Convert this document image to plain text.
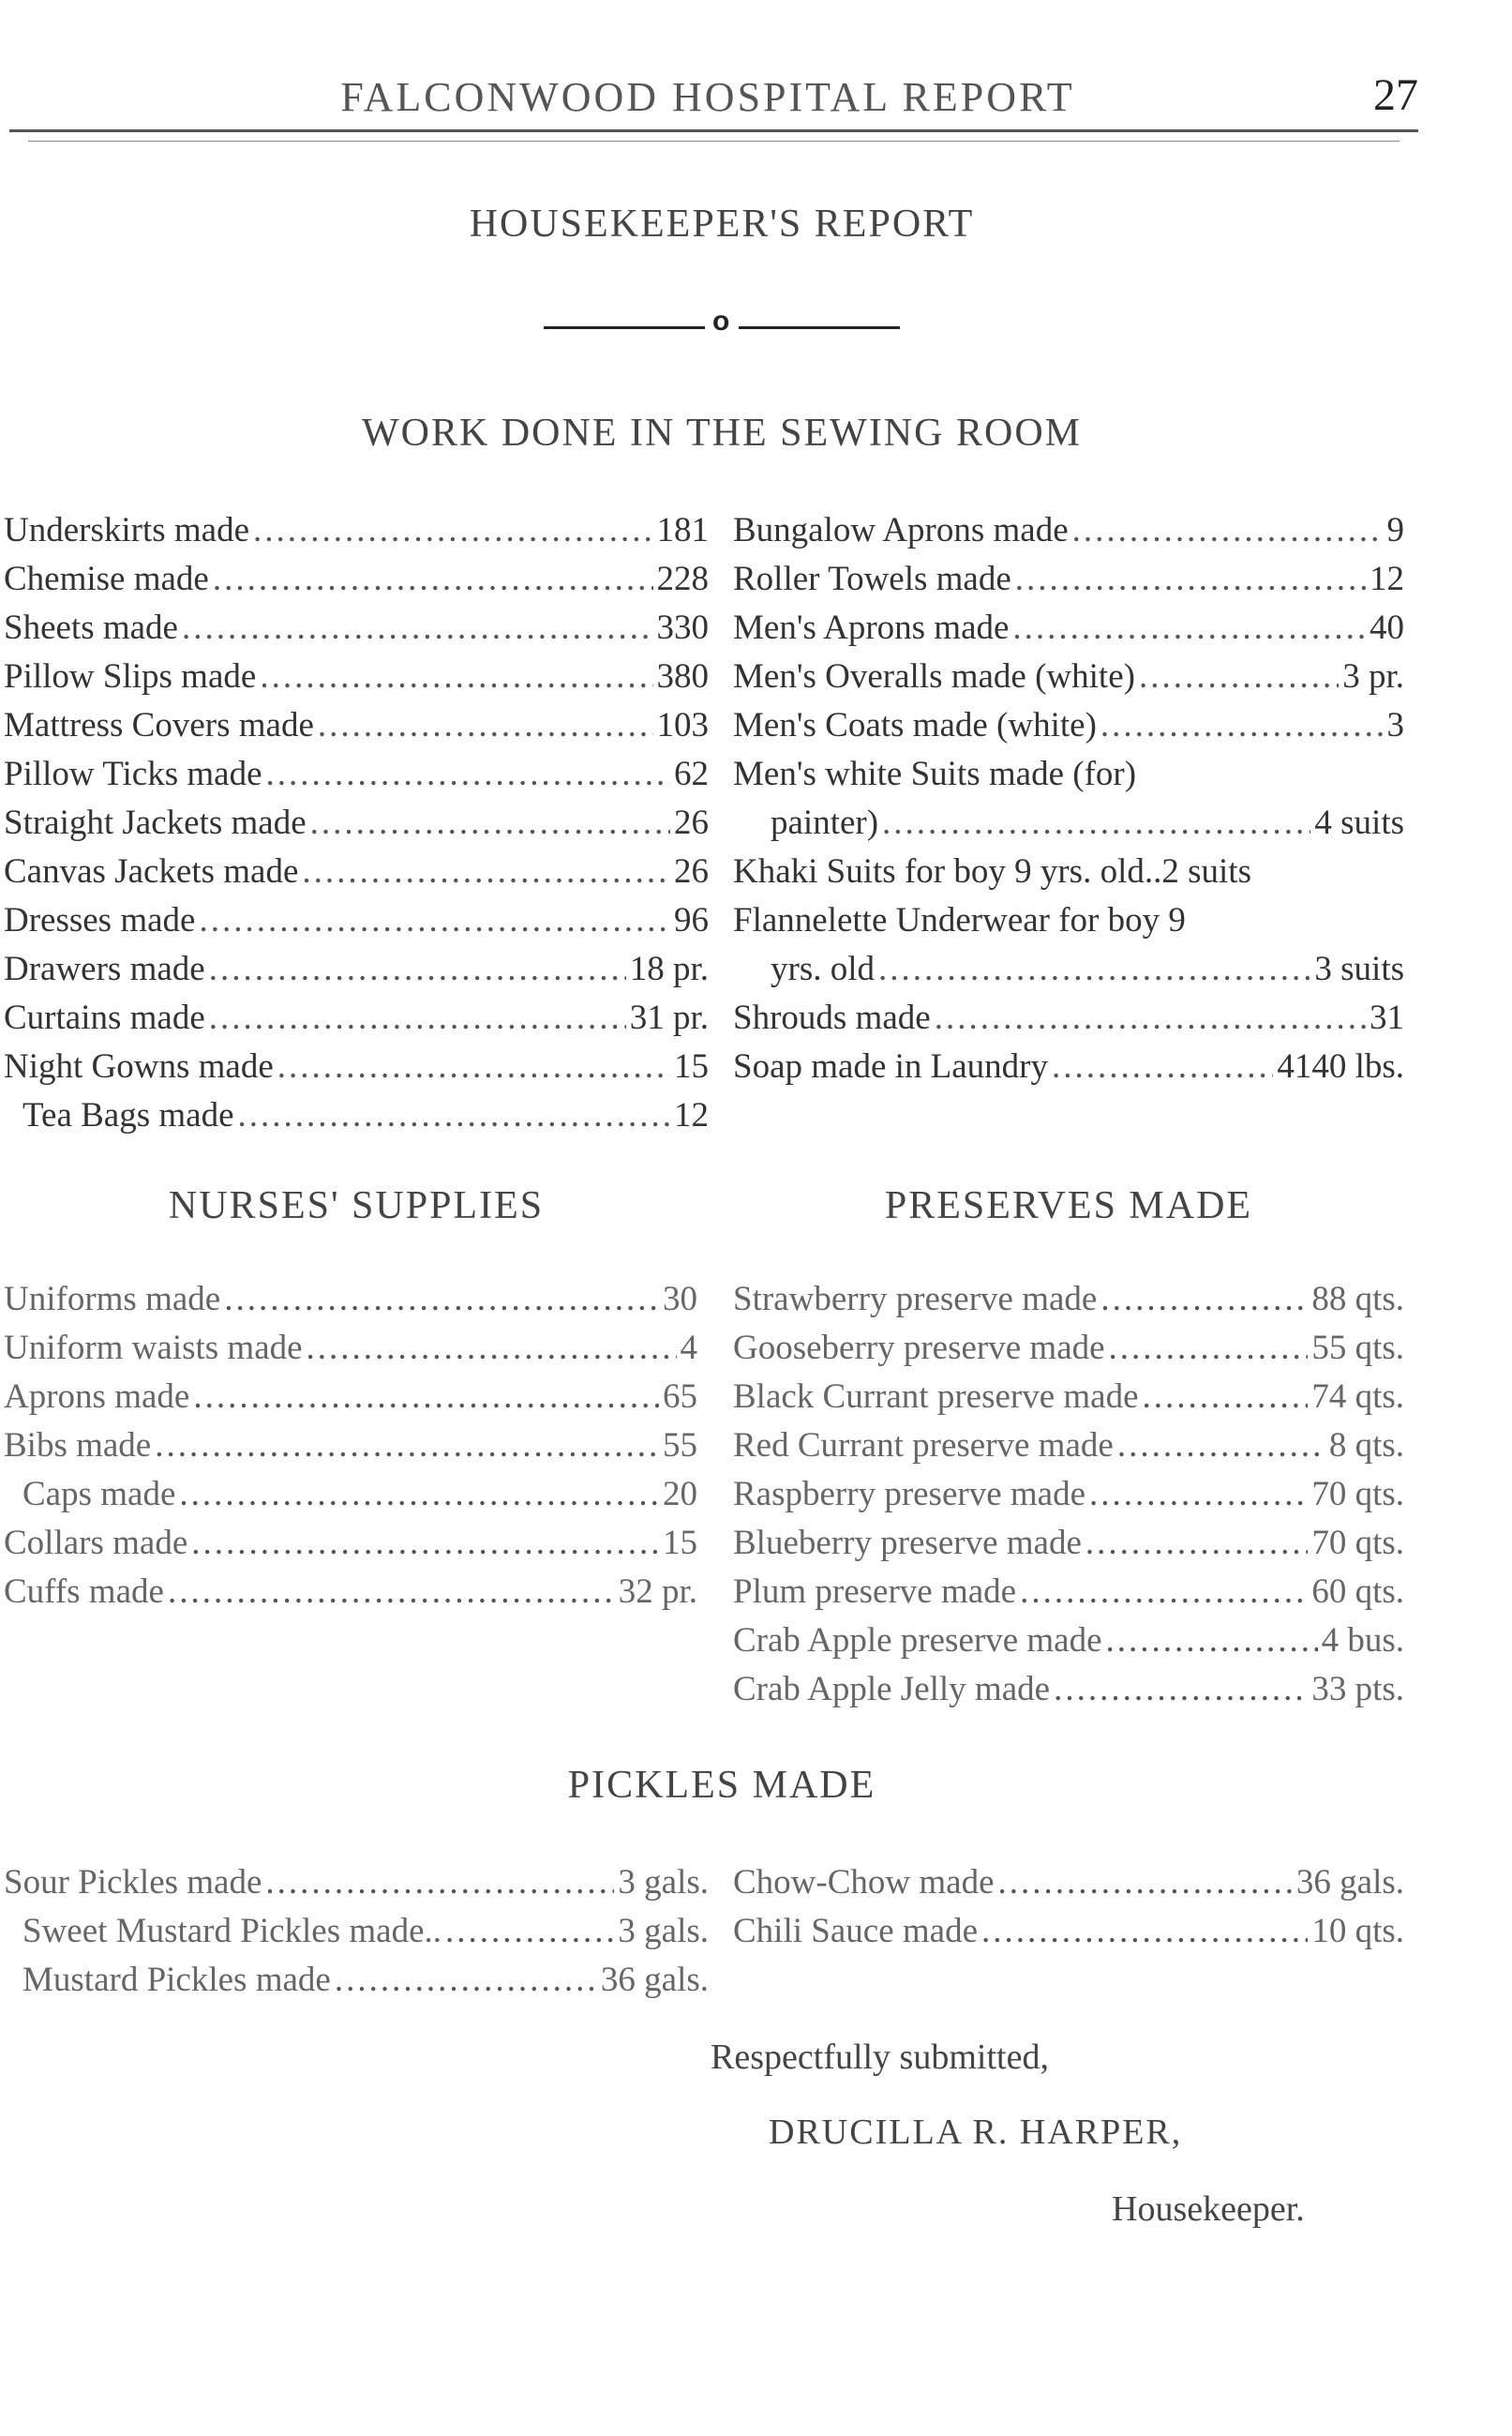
FALCONWOOD HOSPITAL REPORT	27
HOUSEKEEPER'S REPORT
o
WORK DONE IN THE SEWING ROOM
Underskirts made .....	181
Chemise made .....	228
Sheets made .....	330
Pillow Slips made .....	380
Mattress Covers made .....	103
Pillow Ticks made .....	62
Straight Jackets made .....	26
Canvas Jackets made .....	26
Dresses made .....	96
Drawers made .....	18 pr.
Curtains made .....	31 pr.
Night Gowns made .....	15
Tea Bags made .....	12
Bungalow Aprons made .....	9
Roller Towels made .....	12
Men's Aprons made .....	40
Men's Overalls made (white) .....	3 pr.
Men's Coats made (white) .....	3
Men's white Suits made (for)
painter) .....	4 suits
Khaki Suits for boy 9 yrs. old.. 2 suits
Flannelette Underwear for boy 9
yrs. old .....	3 suits
Shrouds made .....	31
Soap made in Laundry .....	4140 lbs.
NURSES' SUPPLIES	PRESERVES MADE
Uniforms made .....	30
Uniform waists made .....	4
Aprons made .....	65
Bibs made .....	55
Caps made .....	20
Collars made .....	15
Cuffs made .....	32 pr.
Strawberry preserve made .....	88 qts.
Gooseberry preserve made .....	55 qts.
Black Currant preserve made .....	74 qts.
Red Currant preserve made .....	8 qts.
Raspberry preserve made .....	70 qts.
Blueberry preserve made .....	70 qts.
Plum preserve made .....	60 qts.
Crab Apple preserve made .....	4 bus.
Crab Apple Jelly made .....	33 pts.
PICKLES MADE
Sour Pickles made .....	3 gals.
Sweet Mustard Pickles made.. .....	3 gals.
Mustard Pickles made .....	36 gals.
Chow-Chow made .....	36 gals.
Chili Sauce made .....	10 qts.
Respectfully submitted,
DRUCILLA R. HARPER,
Housekeeper.
